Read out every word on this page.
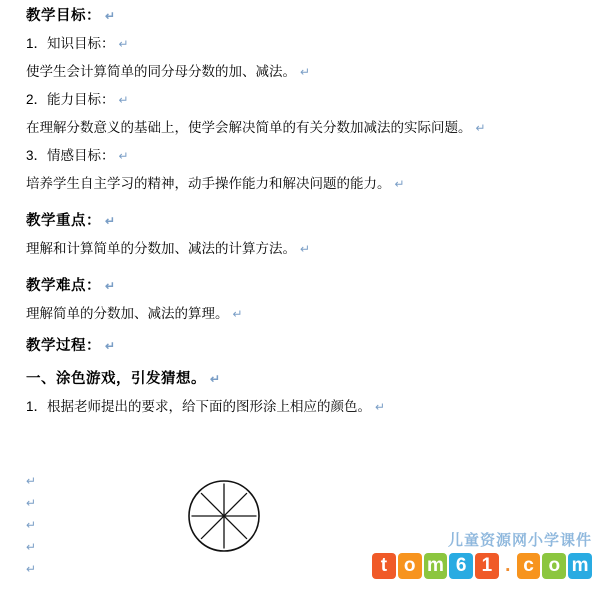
教学目标： ↵
1．知识目标： ↵
使学生会计算简单的同分母分数的加、减法。 ↵
2．能力目标： ↵
在理解分数意义的基础上，使学会解决简单的有关分数加减法的实际问题。 ↵
3．情感目标： ↵
培养学生自主学习的精神，动手操作能力和解决问题的能力。 ↵
教学重点： ↵
理解和计算简单的分数加、减法的计算方法。 ↵
教学难点： ↵
理解简单的分数加、减法的算理。 ↵
教学过程： ↵
一、涂色游戏，引发猜想。 ↵
1．根据老师提出的要求，给下面的图形涂上相应的颜色。 ↵
↵
↵
↵
↵
↵
儿童资源网小学课件
t o m 6 1 . c o m
